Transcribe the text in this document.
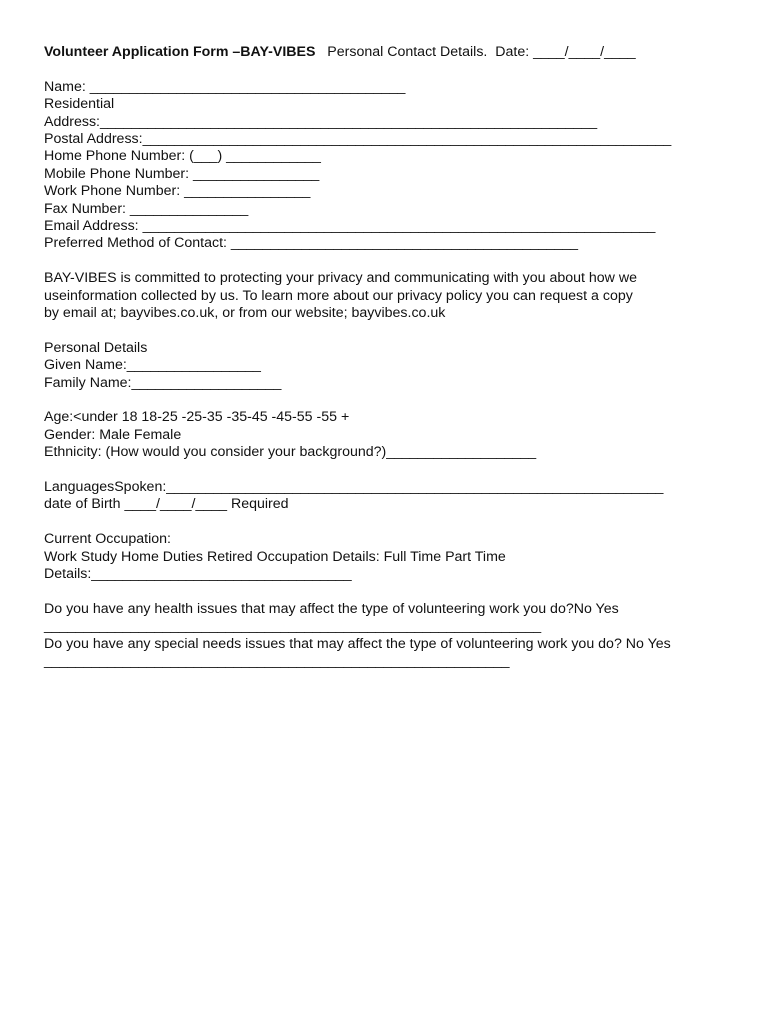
Volunteer Application Form –BAY-VIBES   Personal Contact Details.  Date: ____/____/____
Name: ________________________________________
Residential
Address:_______________________________________________________________
Postal Address:___________________________________________________________________
Home Phone Number: (___) ____________
Mobile Phone Number: ________________
Work Phone Number: ________________
Fax Number: _______________
Email Address: _________________________________________________________________
Preferred Method of Contact: ____________________________________________
BAY-VIBES is committed to protecting your privacy and communicating with you about how we
useinformation collected by us. To learn more about our privacy policy you can request a copy
by email at; bayvibes.co.uk, or from our website; bayvibes.co.uk
Personal Details
Given Name:_________________
Family Name:___________________
Age:<under 18 18-25 -25-35 -35-45 -45-55 -55 +
Gender: Male Female
Ethnicity: (How would you consider your background?)___________________
LanguagesSpoken:_______________________________________________________________
date of Birth ____/____/____ Required
Current Occupation:
Work Study Home Duties Retired Occupation Details: Full Time Part Time
Details:_________________________________
Do you have any health issues that may affect the type of volunteering work you do?No Yes
_______________________________________________________________
Do you have any special needs issues that may affect the type of volunteering work you do? No Yes
___________________________________________________________
